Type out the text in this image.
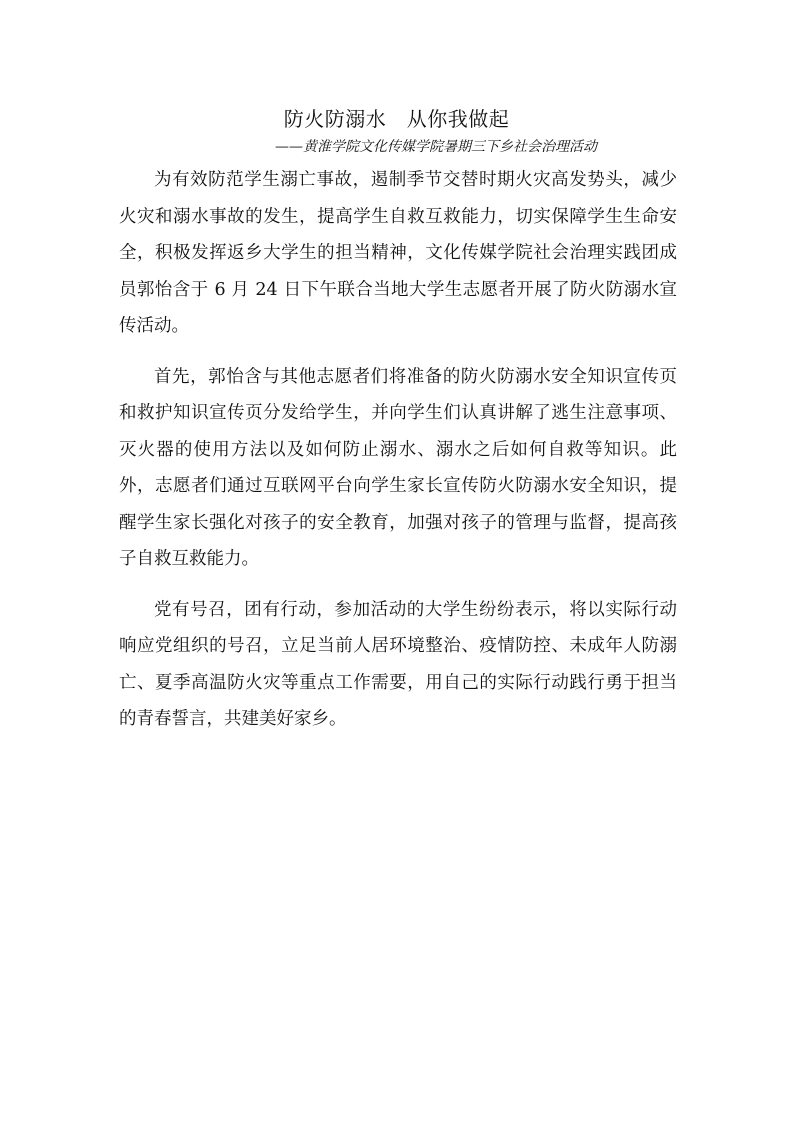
防火防溺水　从你我做起

——黄淮学院文化传媒学院暑期三下乡社会治理活动

为有效防范学生溺亡事故，遏制季节交替时期火灾高发势头，减少火灾和溺水事故的发生，提高学生自救互救能力，切实保障学生生命安全，积极发挥返乡大学生的担当精神，文化传媒学院社会治理实践团成员郭怡含于 6 月 24 日下午联合当地大学生志愿者开展了防火防溺水宣传活动。

首先，郭怡含与其他志愿者们将准备的防火防溺水安全知识宣传页和救护知识宣传页分发给学生，并向学生们认真讲解了逃生注意事项、灭火器的使用方法以及如何防止溺水、溺水之后如何自救等知识。此外，志愿者们通过互联网平台向学生家长宣传防火防溺水安全知识，提醒学生家长强化对孩子的安全教育，加强对孩子的管理与监督，提高孩子自救互救能力。

党有号召，团有行动，参加活动的大学生纷纷表示，将以实际行动响应党组织的号召，立足当前人居环境整治、疫情防控、未成年人防溺亡、夏季高温防火灾等重点工作需要，用自己的实际行动践行勇于担当的青春誓言，共建美好家乡。
